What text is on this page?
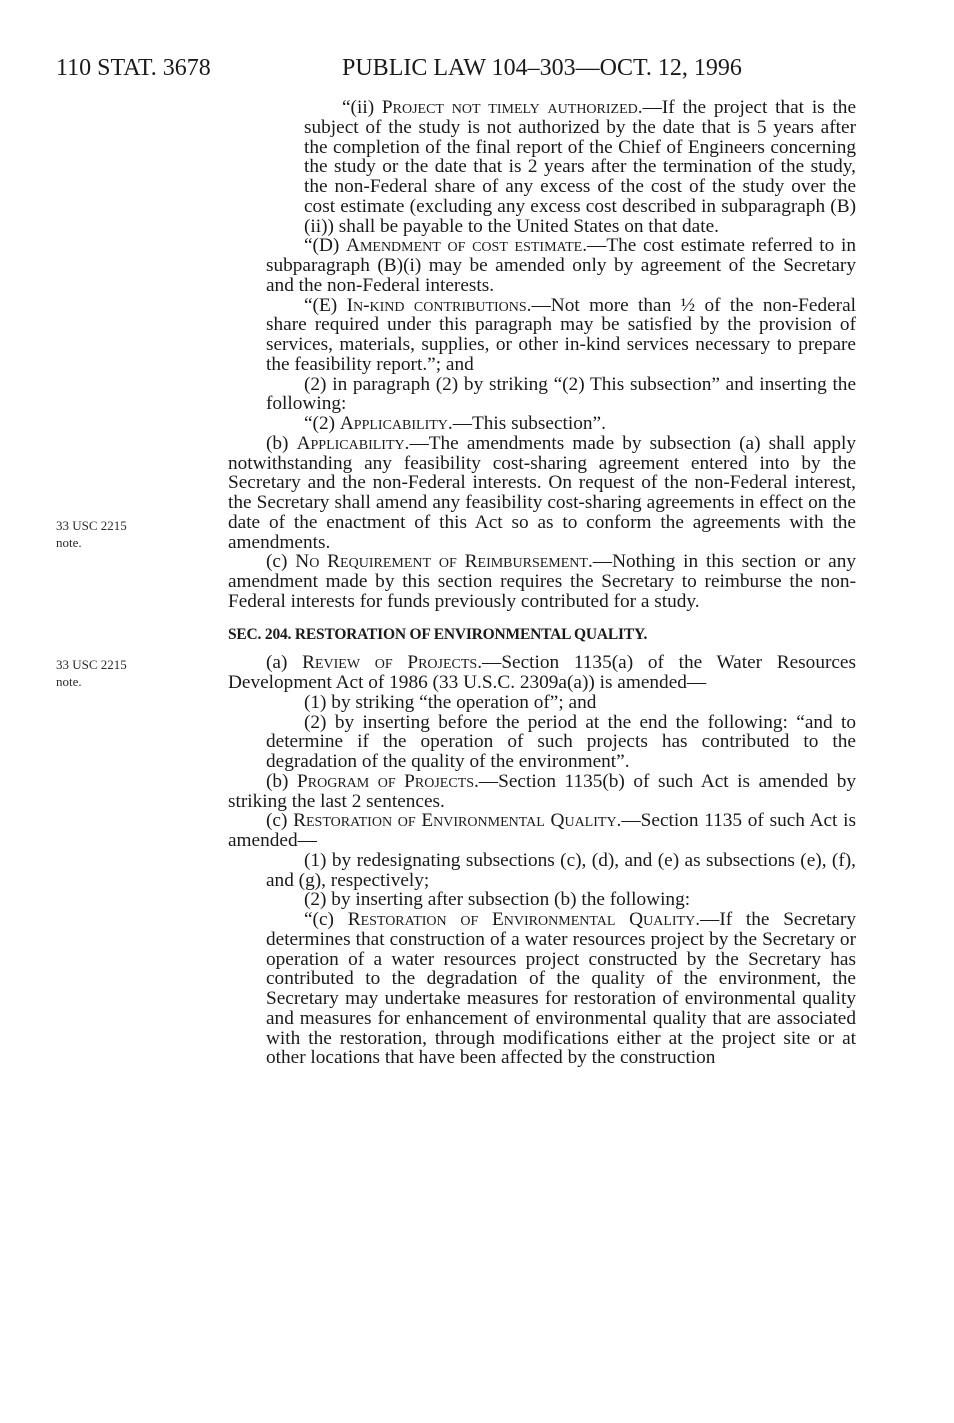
110 STAT. 3678	PUBLIC LAW 104–303—OCT. 12, 1996
33 USC 2215
note.
33 USC 2215
note.

“(ii) Project not timely authorized.—If the project that is the subject of the study is not authorized by the date that is 5 years after the completion of the final report of the Chief of Engineers concerning the study or the date that is 2 years after the termination of the study, the non-Federal share of any excess of the cost of the study over the cost estimate (excluding any excess cost described in subparagraph (B)(ii)) shall be payable to the United States on that date.

“(D) Amendment of cost estimate.—The cost estimate referred to in subparagraph (B)(i) may be amended only by agreement of the Secretary and the non-Federal interests.

“(E) In-kind contributions.—Not more than ½ of the non-Federal share required under this paragraph may be satisfied by the provision of services, materials, supplies, or other in-kind services necessary to prepare the feasibility report.”; and

(2) in paragraph (2) by striking “(2) This subsection” and inserting the following:

“(2) Applicability.—This subsection”.

(b) Applicability.—The amendments made by subsection (a) shall apply notwithstanding any feasibility cost-sharing agreement entered into by the Secretary and the non-Federal interests. On request of the non-Federal interest, the Secretary shall amend any feasibility cost-sharing agreements in effect on the date of the enactment of this Act so as to conform the agreements with the amendments.

(c) No Requirement of Reimbursement.—Nothing in this section or any amendment made by this section requires the Secretary to reimburse the non-Federal interests for funds previously contributed for a study.

SEC. 204. RESTORATION OF ENVIRONMENTAL QUALITY.

(a) Review of Projects.—Section 1135(a) of the Water Resources Development Act of 1986 (33 U.S.C. 2309a(a)) is amended—

(1) by striking “the operation of”; and

(2) by inserting before the period at the end the following: “and to determine if the operation of such projects has contributed to the degradation of the quality of the environment”.

(b) Program of Projects.—Section 1135(b) of such Act is amended by striking the last 2 sentences.

(c) Restoration of Environmental Quality.—Section 1135 of such Act is amended—

(1) by redesignating subsections (c), (d), and (e) as subsections (e), (f), and (g), respectively;

(2) by inserting after subsection (b) the following:

“(c) Restoration of Environmental Quality.—If the Secretary determines that construction of a water resources project by the Secretary or operation of a water resources project constructed by the Secretary has contributed to the degradation of the quality of the environment, the Secretary may undertake measures for restoration of environmental quality and measures for enhancement of environmental quality that are associated with the restoration, through modifications either at the project site or at other locations that have been affected by the construction
